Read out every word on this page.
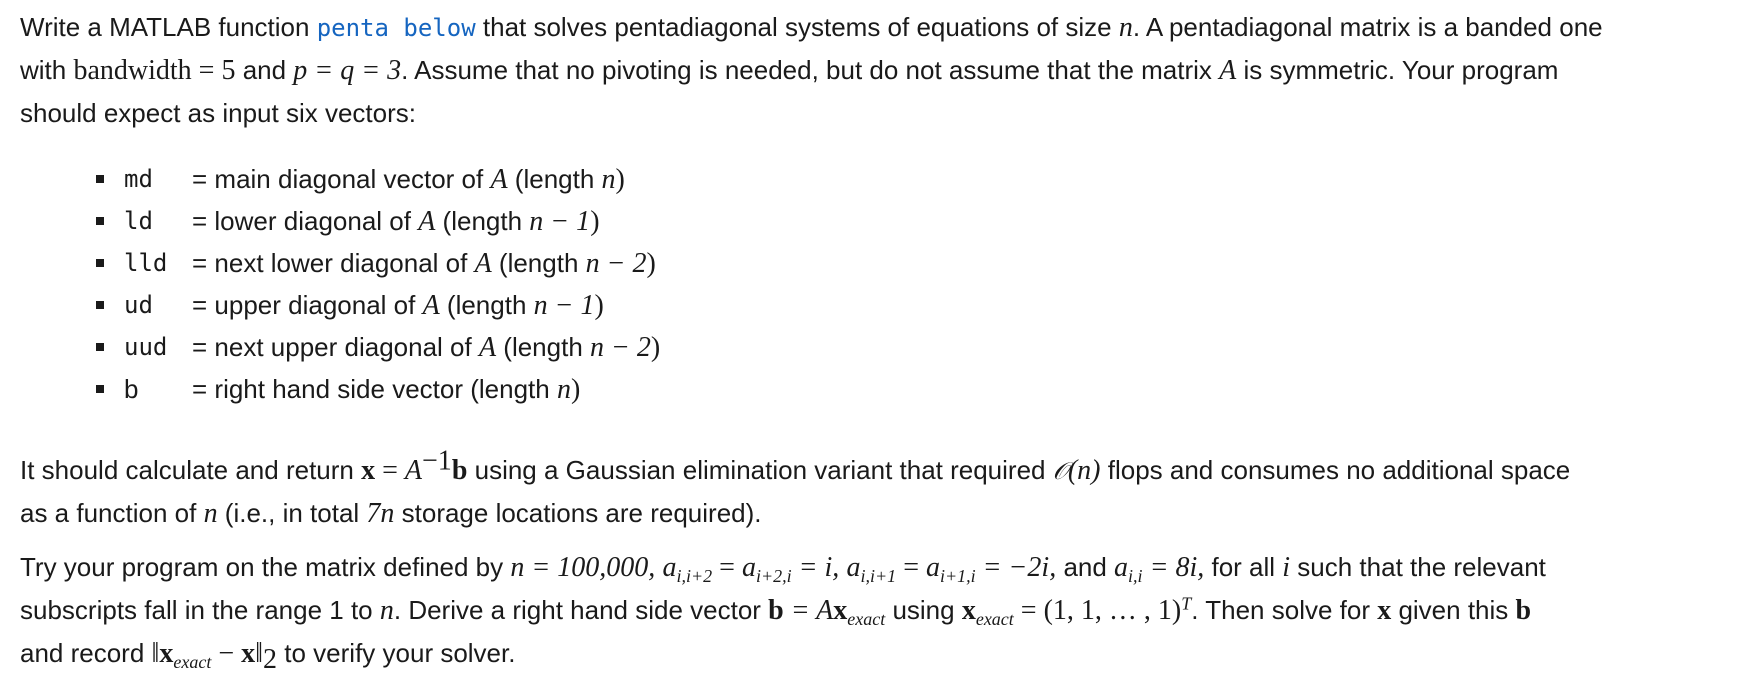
Write a MATLAB function penta below that solves pentadiagonal systems of equations of size n. A pentadiagonal matrix is a banded one
with bandwidth = 5 and p = q = 3. Assume that no pivoting is needed, but do not assume that the matrix A is symmetric. Your program
should expect as input six vectors:

md = main diagonal vector of A (length n)
ld = lower diagonal of A (length n − 1)
lld = next lower diagonal of A (length n − 2)
ud = upper diagonal of A (length n − 1)
uud = next upper diagonal of A (length n − 2)
b = right hand side vector (length n)

It should calculate and return $x = A^{-1}b$ using a Gaussian elimination variant that required 𝒪(n) flops and consumes no additional space
as a function of n (i.e., in total 7n storage locations are required).

Try your program on the matrix defined by n = 100,000, $a_{i,i+2} = a_{i+2,i} = i$, $a_{i,i+1} = a_{i+1,i} = -2i$, and $a_{i,i} = 8i$, for all i such that the relevant
subscripts fall in the range 1 to n. Derive a right hand side vector $b = Ax_{exact}$ using $x_{exact} = (1$, 1, … , 1)$^T$. Then solve for x given this b
and record $‖x_{exact}$ − $x‖_2$ to verify your solver.
